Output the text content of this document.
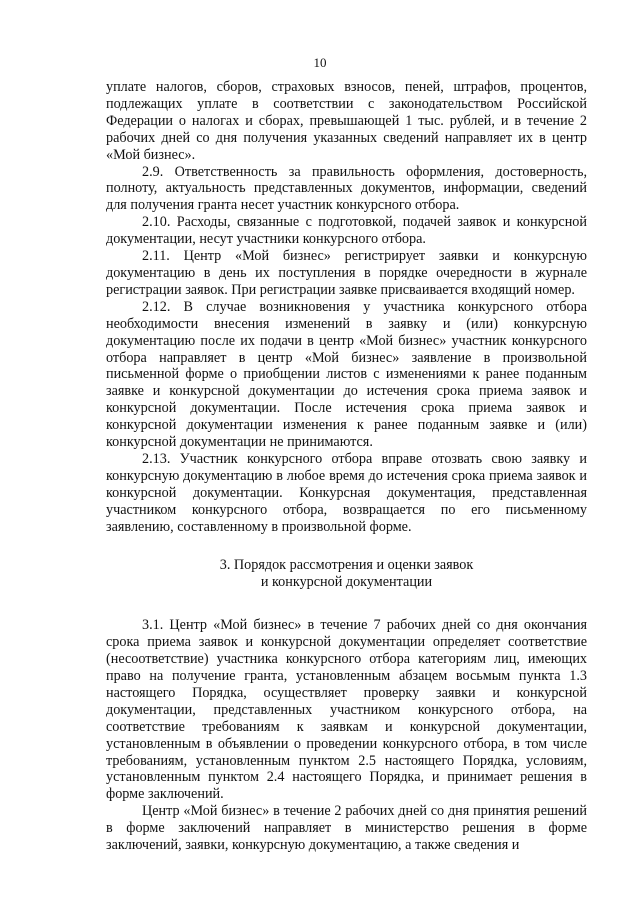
10
уплате налогов, сборов, страховых взносов, пеней, штрафов, процентов,
подлежащих уплате в соответствии с законодательством Российской
Федерации о налогах и сборах, превышающей 1 тыс. рублей, и в течение 2
рабочих дней со дня получения указанных сведений направляет их в центр
«Мой бизнес».
2.9. Ответственность за правильность оформления, достоверность,
полноту, актуальность представленных документов, информации, сведений
для получения гранта несет участник конкурсного отбора.
2.10. Расходы, связанные с подготовкой, подачей заявок и конкурсной
документации, несут участники конкурсного отбора.
2.11. Центр «Мой бизнес» регистрирует заявки и конкурсную
документацию в день их поступления в порядке очередности в журнале
регистрации заявок. При регистрации заявке присваивается входящий номер.
2.12. В случае возникновения у участника конкурсного отбора
необходимости внесения изменений в заявку и (или) конкурсную
документацию после их подачи в центр «Мой бизнес» участник конкурсного
отбора направляет в центр «Мой бизнес» заявление в произвольной
письменной форме о приобщении листов с изменениями к ранее поданным
заявке и конкурсной документации до истечения срока приема заявок и
конкурсной документации. После истечения срока приема заявок и
конкурсной документации изменения к ранее поданным заявке и (или)
конкурсной документации не принимаются.
2.13. Участник конкурсного отбора вправе отозвать свою заявку и
конкурсную документацию в любое время до истечения срока приема заявок и
конкурсной документации. Конкурсная документация, представленная
участником конкурсного отбора, возвращается по его письменному
заявлению, составленному в произвольной форме.
3. Порядок рассмотрения и оценки заявок
и конкурсной документации
3.1. Центр «Мой бизнес» в течение 7 рабочих дней со дня окончания
срока приема заявок и конкурсной документации определяет соответствие
(несоответствие) участника конкурсного отбора категориям лиц, имеющих
право на получение гранта, установленным абзацем восьмым пункта 1.3
настоящего Порядка, осуществляет проверку заявки и конкурсной
документации, представленных участником конкурсного отбора, на
соответствие требованиям к заявкам и конкурсной документации,
установленным в объявлении о проведении конкурсного отбора, в том числе
требованиям, установленным пунктом 2.5 настоящего Порядка, условиям,
установленным пунктом 2.4 настоящего Порядка, и принимает решения в
форме заключений.
Центр «Мой бизнес» в течение 2 рабочих дней со дня принятия решений
в форме заключений направляет в министерство решения в форме
заключений, заявки, конкурсную документацию, а также сведения и
